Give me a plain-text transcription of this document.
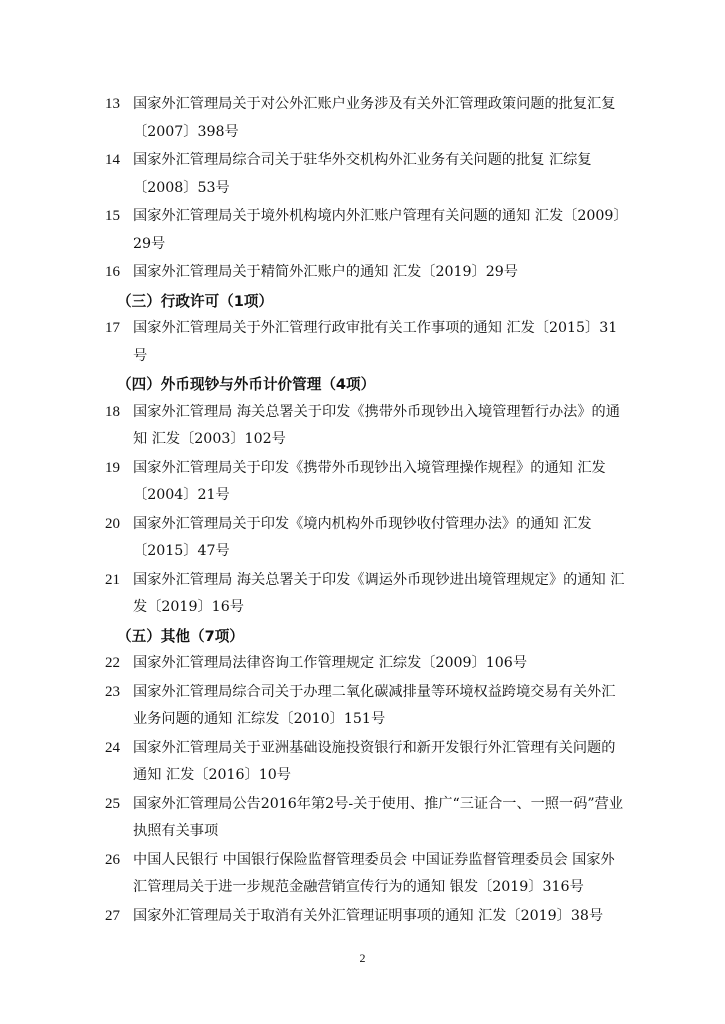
13 国家外汇管理局关于对公外汇账户业务涉及有关外汇管理政策问题的批复汇复〔2007〕398号
14 国家外汇管理局综合司关于驻华外交机构外汇业务有关问题的批复 汇综复〔2008〕53号
15 国家外汇管理局关于境外机构境内外汇账户管理有关问题的通知 汇发〔2009〕29号
16 国家外汇管理局关于精简外汇账户的通知 汇发〔2019〕29号
（三）行政许可（1项）
17 国家外汇管理局关于外汇管理行政审批有关工作事项的通知 汇发〔2015〕31号
（四）外币现钞与外币计价管理（4项）
18 国家外汇管理局 海关总署关于印发《携带外币现钞出入境管理暂行办法》的通知 汇发〔2003〕102号
19 国家外汇管理局关于印发《携带外币现钞出入境管理操作规程》的通知 汇发〔2004〕21号
20 国家外汇管理局关于印发《境内机构外币现钞收付管理办法》的通知 汇发〔2015〕47号
21 国家外汇管理局 海关总署关于印发《调运外币现钞进出境管理规定》的通知 汇发〔2019〕16号
（五）其他（7项）
22 国家外汇管理局法律咨询工作管理规定 汇综发〔2009〕106号
23 国家外汇管理局综合司关于办理二氧化碳减排量等环境权益跨境交易有关外汇业务问题的通知 汇综发〔2010〕151号
24 国家外汇管理局关于亚洲基础设施投资银行和新开发银行外汇管理有关问题的通知 汇发〔2016〕10号
25 国家外汇管理局公告2016年第2号-关于使用、推广“三证合一、一照一码”营业执照有关事项
26 中国人民银行 中国银行保险监督管理委员会 中国证券监督管理委员会 国家外汇管理局关于进一步规范金融营销宣传行为的通知 银发〔2019〕316号
27 国家外汇管理局关于取消有关外汇管理证明事项的通知 汇发〔2019〕38号
2
